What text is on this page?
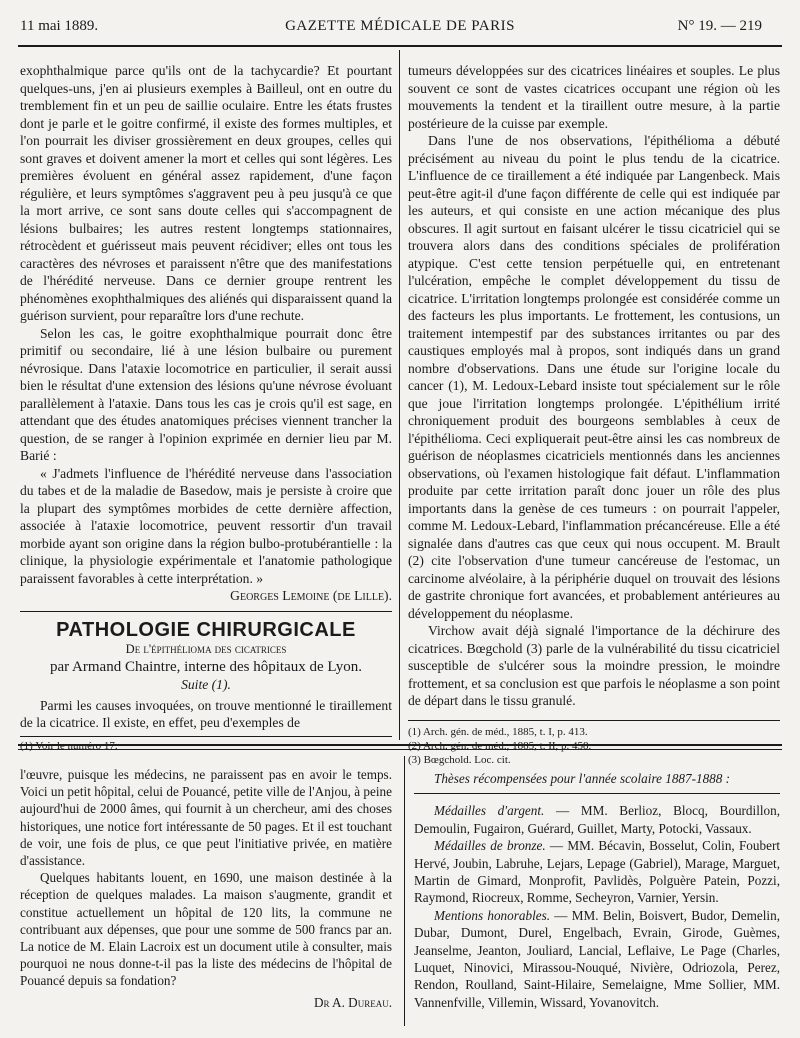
11 mai 1889.	GAZETTE MÉDICALE DE PARIS	N° 19. — 219

exophthalmique parce qu'ils ont de la tachycardie? Et pourtant quelques-uns, j'en ai plusieurs exemples à Bailleul, ont en outre du tremblement fin et un peu de saillie oculaire. Entre les états frustes dont je parle et le goitre confirmé, il existe des formes multiples, et l'on pourrait les diviser grossièrement en deux groupes, celles qui sont graves et doivent amener la mort et celles qui sont légères. Les premières évoluent en général assez rapidement, d'une façon régulière, et leurs symptômes s'aggravent peu à peu jusqu'à ce que la mort arrive, ce sont sans doute celles qui s'accompagnent de lésions bulbaires; les autres restent longtemps stationnaires, rétrocèdent et guérisseut mais peuvent récidiver; elles ont tous les caractères des névroses et paraissent n'être que des manifestations de l'hérédité nerveuse. Dans ce dernier groupe rentrent les phénomènes exophthalmiques des aliénés qui disparaissent quand la guérison survient, pour reparaître lors d'une rechute.

Selon les cas, le goitre exophthalmique pourrait donc être primitif ou secondaire, lié à une lésion bulbaire ou purement névrosique. Dans l'ataxie locomotrice en particulier, il serait aussi bien le résultat d'une extension des lésions qu'une névrose évoluant parallèlement à l'ataxie. Dans tous les cas je crois qu'il est sage, en attendant que des études anatomiques précises viennent trancher la question, de se ranger à l'opinion exprimée en dernier lieu par M. Barié :

« J'admets l'influence de l'hérédité nerveuse dans l'association du tabes et de la maladie de Basedow, mais je persiste à croire que la plupart des symptômes morbides de cette dernière affection, associée à l'ataxie locomotrice, peuvent ressortir d'un travail morbide ayant son origine dans la région bulbo-protubérantielle : la clinique, la physiologie expérimentale et l'anatomie pathologique paraissent favorables à cette interprétation. »

Georges Lemoine (de Lille).
PATHOLOGIE CHIRURGICALE

De l'épithélioma des cicatrices

par Armand Chaintre, interne des hôpitaux de Lyon.

Suite (1).

Parmi les causes invoquées, on trouve mentionné le tiraillement de la cicatrice. Il existe, en effet, peu d'exemples de

tumeurs développées sur des cicatrices linéaires et souples. Le plus souvent ce sont de vastes cicatrices occupant une région où les mouvements la tendent et la tiraillent outre mesure, à la partie postérieure de la cuisse par exemple.

Dans l'une de nos observations, l'épithélioma a débuté précisément au niveau du point le plus tendu de la cicatrice. L'influence de ce tiraillement a été indiquée par Langenbeck. Mais peut-être agit-il d'une façon différente de celle qui est indiquée par les auteurs, et qui consiste en une action mécanique des plus obscures. Il agit surtout en faisant ulcérer le tissu cicatriciel qui se trouvera alors dans des conditions spéciales de prolifération atypique. C'est cette tension perpétuelle qui, en entretenant l'ulcération, empêche le complet développement du tissu de cicatrice. L'irritation longtemps prolongée est considérée comme un des facteurs les plus importants. Le frottement, les contusions, un traitement intempestif par des substances irritantes ou par des caustiques employés mal à propos, sont indiqués dans un grand nombre d'observations. Dans une étude sur l'origine locale du cancer (1), M. Ledoux-Lebard insiste tout spécialement sur le rôle que joue l'irritation longtemps prolongée. L'épithélium irrité chroniquement produit des bourgeons semblables à ceux de l'épithélioma. Ceci expliquerait peut-être ainsi les cas nombreux de guérison de néoplasmes cicatriciels mentionnés dans les anciennes observations, où l'examen histologique fait défaut. L'inflammation produite par cette irritation paraît donc jouer un rôle des plus importants dans la genèse de ces tumeurs : on pourrait l'appeler, comme M. Ledoux-Lebard, l'inflammation précancéreuse. Elle a été signalée dans d'autres cas que ceux qui nous occupent. M. Brault (2) cite l'observation d'une tumeur cancéreuse de l'estomac, un carcinome alvéolaire, à la périphérie duquel on trouvait des lésions de gastrite chronique fort avancées, et probablement antérieures au développement du néoplasme.

Virchow avait déjà signalé l'importance de la déchirure des cicatrices. Bœgchold (3) parle de la vulnérabilité du tissu cicatriciel susceptible de s'ulcérer sous la moindre pression, le moindre frottement, et sa conclusion est que parfois le néoplasme a son point de départ dans le tissu granulé.

(1) Arch. gén. de méd., 1885, t. I, p. 413.
(3) Bœgchold. Loc. cit.

l'œuvre, puisque les médecins, ne paraissent pas en avoir le temps. Voici un petit hôpital, celui de Pouancé, petite ville de l'Anjou, à peine aujourd'hui de 2000 âmes, qui fournit à un chercheur, ami des choses historiques, une notice fort intéressante de 50 pages. Et il est touchant de voir, une fois de plus, ce que peut l'initiative privée, en matière d'assistance.

Quelques habitants louent, en 1690, une maison destinée à la réception de quelques malades. La maison s'augmente, grandit et constitue actuellement un hôpital de 120 lits, la commune ne contribuant aux dépenses, que pour une somme de 500 francs par an. La notice de M. Elain Lacroix est un document utile à consulter, mais pourquoi ne nous donne-t-il pas la liste des médecins de l'hôpital de Pouancé depuis sa fondation?

Dr A. Dureau.

Thèses récompensées pour l'année scolaire 1887-1888 :

Médailles d'argent. — MM. Berlioz, Blocq, Bourdillon, Demoulin, Fugairon, Guérard, Guillet, Marty, Potocki, Vassaux.

Médailles de bronze. — MM. Bécavin, Bosselut, Colin, Foubert Hervé, Joubin, Labruhe, Lejars, Lepage (Gabriel), Marage, Marguet, Martin de Gimard, Monprofit, Pavlidès, Polguère Patein, Pozzi, Raymond, Riocreux, Romme, Secheyron, Varnier, Yersin.

Mentions honorables. — MM. Belin, Boisvert, Budor, Demelin, Dubar, Dumont, Durel, Engelbach, Evrain, Girode, Guèmes, Jeanselme, Jeanton, Jouliard, Lancial, Leflaive, Le Page (Charles, Luquet, Ninovici, Mirassou-Nouqué, Nivière, Odriozola, Perez, Rendon, Roulland, Saint-Hilaire, Semelaigne, Mme Sollier, MM. Vannenfville, Villemin, Wissard, Yovanovitch.
